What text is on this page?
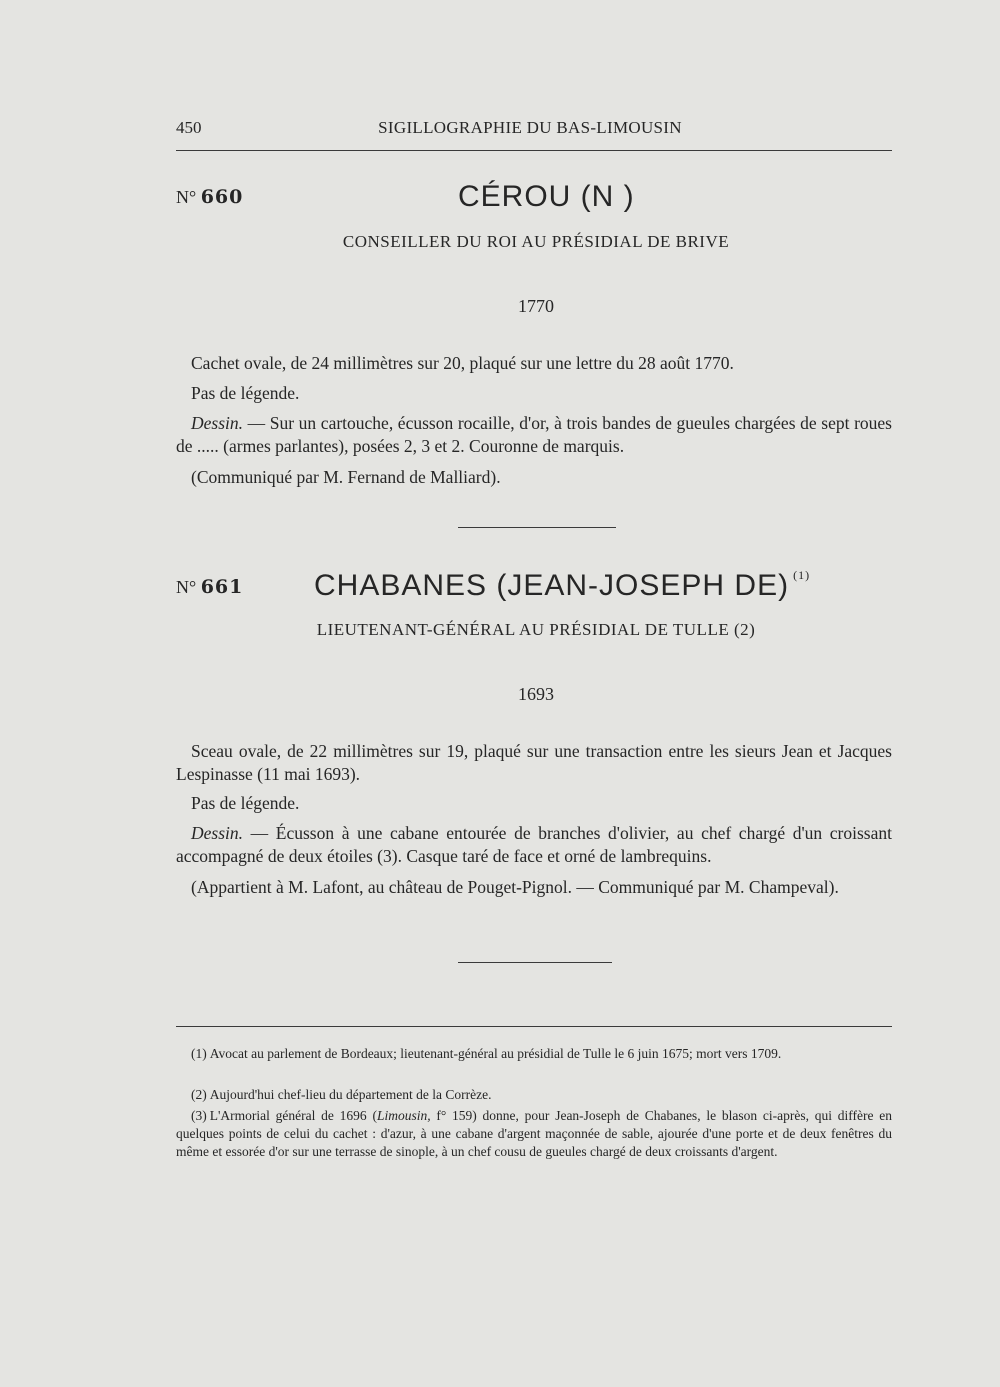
450	SIGILLOGRAPHIE DU BAS-LIMOUSIN
N° 660	CÉROU (N )
CONSEILLER DU ROI AU PRÉSIDIAL DE BRIVE
1770

Cachet ovale, de 24 millimètres sur 20, plaqué sur une lettre du 28 août 1770.

Pas de légende.

Dessin. — Sur un cartouche, écusson rocaille, d'or, à trois bandes de gueules chargées de sept roues de ..... (armes parlantes), posées 2, 3 et 2. Couronne de marquis.

(Communiqué par M. Fernand de Malliard).

N° 661 CHABANES (JEAN-JOSEPH DE) $^{(1)}$
LIEUTENANT-GÉNÉRAL AU PRÉSIDIAL DE TULLE (2)
1693

Sceau ovale, de 22 millimètres sur 19, plaqué sur une transaction entre les sieurs Jean et Jacques Lespinasse (11 mai 1693).

Pas de légende.

Dessin. — Écusson à une cabane entourée de branches d'olivier, au chef chargé d'un croissant accompagné de deux étoiles (3). Casque taré de face et orné de lambrequins.

(Appartient à M. Lafont, au château de Pouget-Pignol. — Communiqué par M. Champeval).

(1) Avocat au parlement de Bordeaux; lieutenant-général au présidial de Tulle le 6 juin 1675; mort vers 1709.

(2) Aujourd'hui chef-lieu du département de la Corrèze.

(3) L'Armorial général de 1696 (Limousin, f° 159) donne, pour Jean-Joseph de Chabanes, le blason ci-après, qui diffère en quelques points de celui du cachet : d'azur, à une cabane d'argent maçonnée de sable, ajourée d'une porte et de deux fenêtres du même et essorée d'or sur une terrasse de sinople, à un chef cousu de gueules chargé de deux croissants d'argent.
